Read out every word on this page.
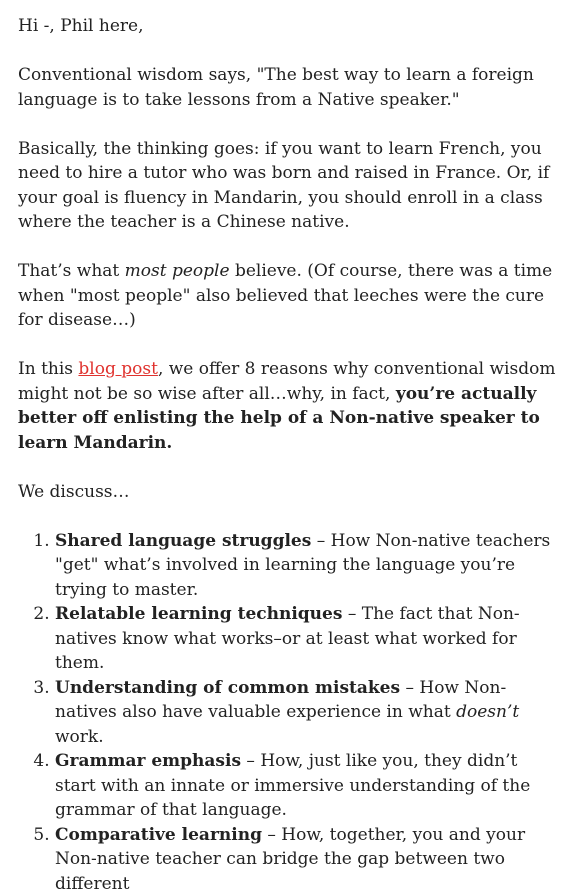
Hi -, Phil here,

Conventional wisdom says, "The best way to learn a foreign language is to take lessons from a Native speaker."

Basically, the thinking goes: if you want to learn French, you need to hire a tutor who was born and raised in France. Or, if your goal is fluency in Mandarin, you should enroll in a class where the teacher is a Chinese native.

That’s what most people believe. (Of course, there was a time when "most people" also believed that leeches were the cure for disease…)

In this blog post, we offer 8 reasons why conventional wisdom might not be so wise after all…why, in fact, you’re actually better off enlisting the help of a Non-native speaker to learn Mandarin.

We discuss…

1. Shared language struggles – How Non-native teachers "get" what’s involved in learning the language you’re trying to master.
2. Relatable learning techniques – The fact that Non-natives know what works–or at least what worked for them.
3. Understanding of common mistakes – How Non-natives also have valuable experience in what doesn’t work.
4. Grammar emphasis – How, just like you, they didn’t start with an innate or immersive understanding of the grammar of that language.
5. Comparative learning – How, together, you and your Non-native teacher can bridge the gap between two different
